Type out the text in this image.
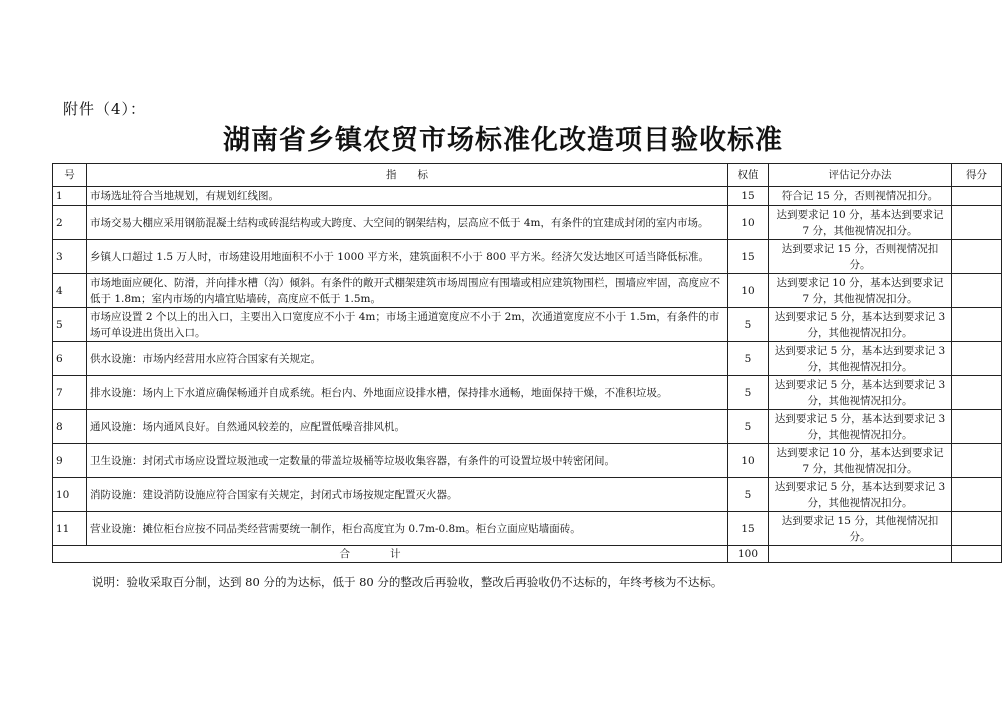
附件（4）：
湖南省乡镇农贸市场标准化改造项目验收标准
号	指　　标	权值	评估记分办法	得分
1	市场选址符合当地规划，有规划红线图。	15	符合记 15 分，否则视情况扣分。	
2	市场交易大棚应采用钢筋混凝土结构或砖混结构或大跨度、大空间的钢架结构，层高应不低于 4m，有条件的宜建成封闭的室内市场。	10	达到要求记 10 分，基本达到要求记 7 分，其他视情况扣分。	
3	乡镇人口超过 1.5 万人时，市场建设用地面积不小于 1000 平方米，建筑面积不小于 800 平方米。经济欠发达地区可适当降低标准。	15	达到要求记 15 分，否则视情况扣分。	
4	市场地面应硬化、防滑，并向排水槽（沟）倾斜。有条件的敞开式棚架建筑市场周围应有围墙或相应建筑物围栏，围墙应牢固，高度应不低于 1.8m；室内市场的内墙宜贴墙砖，高度应不低于 1.5m。	10	达到要求记 10 分，基本达到要求记 7 分，其他视情况扣分。	
5	市场应设置 2 个以上的出入口，主要出入口宽度应不小于 4m；市场主通道宽度应不小于 2m，次通道宽度应不小于 1.5m，有条件的市场可单设进出货出入口。	5	达到要求记 5 分，基本达到要求记 3 分，其他视情况扣分。	
6	供水设施：市场内经营用水应符合国家有关规定。	5	达到要求记 5 分，基本达到要求记 3 分，其他视情况扣分。	
7	排水设施：场内上下水道应确保畅通并自成系统。柜台内、外地面应设排水槽，保持排水通畅，地面保持干燥，不准积垃圾。	5	达到要求记 5 分，基本达到要求记 3 分，其他视情况扣分。	
8	通风设施：场内通风良好。自然通风较差的，应配置低噪音排风机。	5	达到要求记 5 分，基本达到要求记 3 分，其他视情况扣分。	
9	卫生设施：封闭式市场应设置垃圾池或一定数量的带盖垃圾桶等垃圾收集容器，有条件的可设置垃圾中转密闭间。	10	达到要求记 10 分，基本达到要求记 7 分，其他视情况扣分。	
10	消防设施：建设消防设施应符合国家有关规定，封闭式市场按规定配置灭火器。	5	达到要求记 5 分，基本达到要求记 3 分，其他视情况扣分。	
11	营业设施：摊位柜台应按不同品类经营需要统一制作，柜台高度宜为 0.7m-0.8m。柜台立面应贴墙面砖。	15	达到要求记 15 分，其他视情况扣分。	
合计		100		
说明：验收采取百分制，达到 80 分的为达标，低于 80 分的整改后再验收，整改后再验收仍不达标的，年终考核为不达标。
